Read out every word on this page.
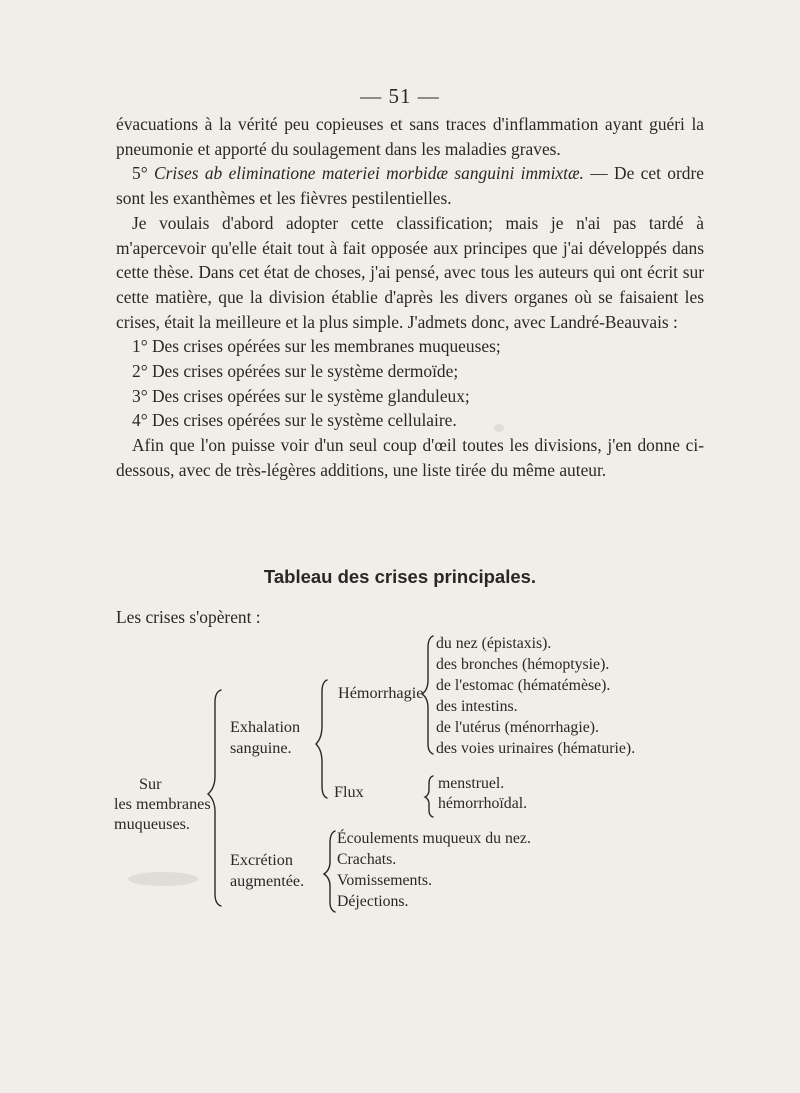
— 51 —

évacuations à la vérité peu copieuses et sans traces d'inflammation ayant guéri la pneumonie et apporté du soulagement dans les maladies graves.

5° Crises ab eliminatione materiei morbidæ sanguini immixtæ. — De cet ordre sont les exanthèmes et les fièvres pestilentielles.

Je voulais d'abord adopter cette classification; mais je n'ai pas tardé à m'apercevoir qu'elle était tout à fait opposée aux principes que j'ai développés dans cette thèse. Dans cet état de choses, j'ai pensé, avec tous les auteurs qui ont écrit sur cette matière, que la division établie d'après les divers organes où se faisaient les crises, était la meilleure et la plus simple. J'admets donc, avec Landré-Beauvais :

1° Des crises opérées sur les membranes muqueuses;
2° Des crises opérées sur le système dermoïde;
3° Des crises opérées sur le système glanduleux;
4° Des crises opérées sur le système cellulaire.

Afin que l'on puisse voir d'un seul coup d'œil toutes les divisions, j'en donne ci-dessous, avec de très-légères additions, une liste tirée du même auteur.

Tableau des crises principales.
Les crises s'opèrent :
Sur
les membranes
muqueuses.
Exhalation
sanguine.
Hémorrhagie
du nez (épistaxis).
des bronches (hémoptysie).
de l'estomac (hématémèse).
des intestins.
de l'utérus (ménorrhagie).
des voies urinaires (hématurie).
Flux	menstruel.
hémorrhoïdal.
Excrétion
augmentée.
Écoulements muqueux du nez.
Crachats.
Vomissements.
Déjections.
